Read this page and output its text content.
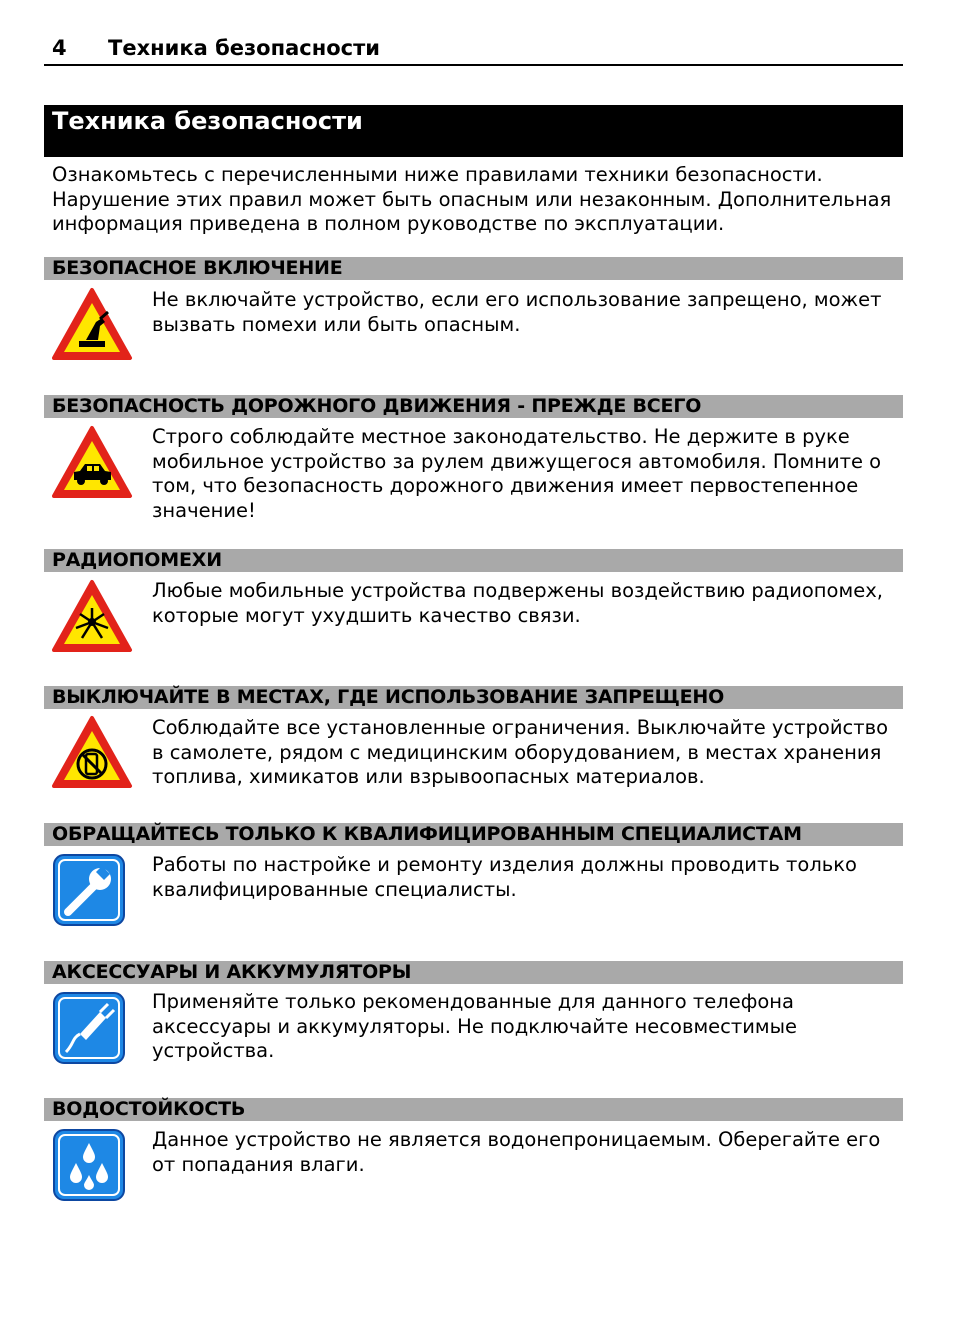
4 Техника безопасности
Техника безопасности

Ознакомьтесь с перечисленными ниже правилами техники безопасности. Нарушение этих правил может быть опасным или незаконным. Дополнительная информация приведена в полном руководстве по эксплуатации.

БЕЗОПАСНОЕ ВКЛЮЧЕНИЕ

Не включайте устройство, если его использование запрещено, может вызвать помехи или быть опасным.

БЕЗОПАСНОСТЬ ДОРОЖНОГО ДВИЖЕНИЯ - ПРЕЖДЕ ВСЕГО

Строго соблюдайте местное законодательство. Не держите в руке мобильное устройство за рулем движущегося автомобиля. Помните о том, что безопасность дорожного движения имеет первостепенное значение!

РАДИОПОМЕХИ

Любые мобильные устройства подвержены воздействию радиопомех, которые могут ухудшить качество связи.

ВЫКЛЮЧАЙТЕ В МЕСТАХ, ГДЕ ИСПОЛЬЗОВАНИЕ ЗАПРЕЩЕНО

Соблюдайте все установленные ограничения. Выключайте устройство в самолете, рядом с медицинским оборудованием, в местах хранения топлива, химикатов или взрывоопасных материалов.

ОБРАЩАЙТЕСЬ ТОЛЬКО К КВАЛИФИЦИРОВАННЫМ СПЕЦИАЛИСТАМ

Работы по настройке и ремонту изделия должны проводить только квалифицированные специалисты.

АКСЕССУАРЫ И АККУМУЛЯТОРЫ

Применяйте только рекомендованные для данного телефона аксессуары и аккумуляторы. Не подключайте несовместимые устройства.

ВОДОСТОЙКОСТЬ

Данное устройство не является водонепроницаемым. Оберегайте его от попадания влаги.
